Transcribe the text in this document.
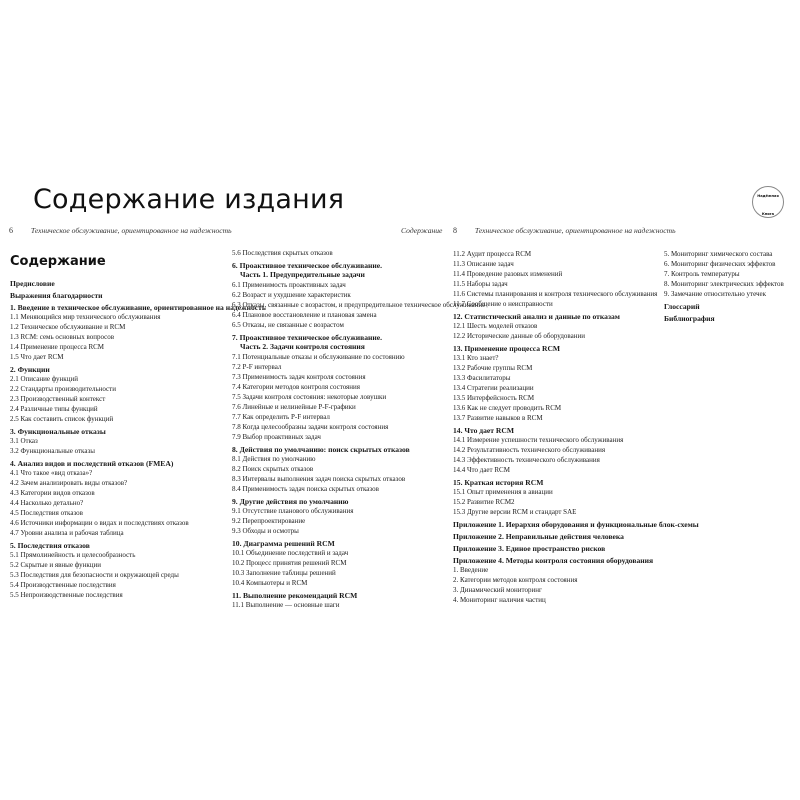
Содержание издания	Надёжная
Книга
6 Техническое обслуживание, ориентированное на надежность	Содержание 8 Техническое обслуживание, ориентированное на надежность
Содержание
Предисловие
Выражения благодарности
1. Введение в техническое обслуживание, ориентированное на надежность
1.1 Меняющийся мир технического обслуживания
1.2 Техническое обслуживание и RCM
1.3 RCM: семь основных вопросов
1.4 Применение процесса RCM
1.5 Что дает RCM
2. Функции
2.1 Описание функций
2.2 Стандарты производительности
2.3 Производственный контекст
2.4 Различные типы функций
2.5 Как составить список функций
3. Функциональные отказы
3.1 Отказ
3.2 Функциональные отказы
4. Анализ видов и последствий отказов (FMEA)
4.1 Что такое «вид отказа»?
4.2 Зачем анализировать виды отказов?
4.3 Категории видов отказов
4.4 Насколько детально?
4.5 Последствия отказов
4.6 Источники информации о видах и последствиях отказов
4.7 Уровни анализа и рабочая таблица
5. Последствия отказов
5.1 Прямолинейность и целесообразность
5.2 Скрытые и явные функции
5.3 Последствия для безопасности и окружающей среды
5.4 Производственные последствия
5.5 Непроизводственные последствия
5.6 Последствия скрытых отказов
6. Проактивное техническое обслуживание.
Часть 1. Предупредительные задачи
6.1 Применимость проактивных задач
6.2 Возраст и ухудшение характеристик
6.3 Отказы, связанные с возрастом, и предупредительное техническое обслуживание
6.4 Плановое восстановление и плановая замена
6.5 Отказы, не связанные с возрастом
7. Проактивное техническое обслуживание.
Часть 2. Задачи контроля состояния
7.1 Потенциальные отказы и обслуживание по состоянию
7.2 P-F интервал
7.3 Применимость задач контроля состояния
7.4 Категории методов контроля состояния
7.5 Задачи контроля состояния: некоторые ловушки
7.6 Линейные и нелинейные P-F-графики
7.7 Как определить P-F интервал
7.8 Когда целесообразны задачи контроля состояния
7.9 Выбор проактивных задач
8. Действия по умолчанию: поиск скрытых отказов
8.1 Действия по умолчанию
8.2 Поиск скрытых отказов
8.3 Интервалы выполнения задач поиска скрытых отказов
8.4 Применимость задач поиска скрытых отказов
9. Другие действия по умолчанию
9.1 Отсутствие планового обслуживания
9.2 Перепроектирование
9.3 Обходы и осмотры
10. Диаграмма решений RCM
10.1 Объединение последствий и задач
10.2 Процесс принятия решений RCM
10.3 Заполнение таблицы решений
10.4 Компьютеры и RCM
11. Выполнение рекомендаций RCM
11.1 Выполнение — основные шаги
11.2 Аудит процесса RCM
11.3 Описание задач
11.4 Проведение разовых изменений
11.5 Наборы задач
11.6 Системы планирования и контроля технического обслуживания
11.7 Сообщение о неисправности
12. Статистический анализ и данные по отказам
12.1 Шесть моделей отказов
12.2 Исторические данные об оборудовании
13. Применение процесса RCM
13.1 Кто знает?
13.2 Рабочие группы RCM
13.3 Фасилитаторы
13.4 Стратегии реализации
13.5 Интерфейсность RCM
13.6 Как не следует проводить RCM
13.7 Развитие навыков в RCM
14. Что дает RCM
14.1 Измерение успешности технического обслуживания
14.2 Результативность технического обслуживания
14.3 Эффективность технического обслуживания
14.4 Что дает RCM
15. Краткая история RCM
15.1 Опыт применения в авиации
15.2 Развитие RCM2
15.3 Другие версии RCM и стандарт SAE
Приложение 1. Иерархия оборудования и функциональные блок-схемы
Приложение 2. Неправильные действия человека
Приложение 3. Единое пространство рисков
Приложение 4. Методы контроля состояния оборудования
1. Введение
2. Категории методов контроля состояния
3. Динамический мониторинг
4. Мониторинг наличия частиц
5. Мониторинг химического состава
6. Мониторинг физических эффектов
7. Контроль температуры
8. Мониторинг электрических эффектов
9. Замечание относительно утечек
Глоссарий
Библиография
